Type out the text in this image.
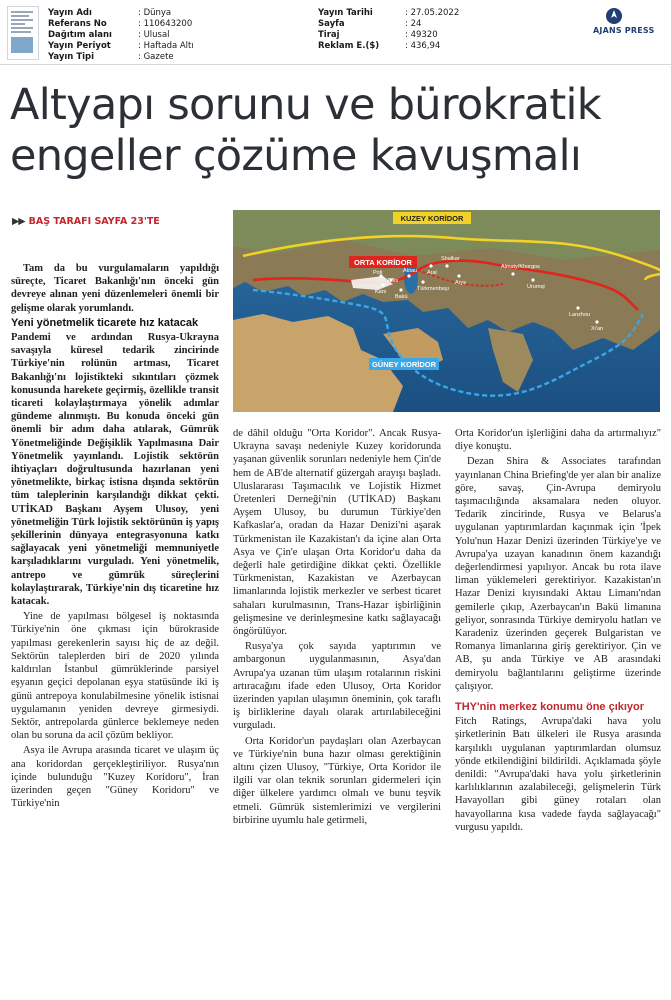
Yayın Adı	: Dünya
Referans No	: 110643200
Dağıtım alanı	: Ulusal
Yayın Periyot	: Haftada Altı
Yayın Tipi	: Gazete
Yayın Tarihi	: 27.05.2022
Sayfa	: 24
Tiraj	: 49320
Reklam E.($)	: 436,94
AJANS PRESS
Altyapı sorunu ve bürokratik engeller çözüme kavuşmalı
▶▶ BAŞ TARAFI SAYFA 23'TE	KUZEY KORİDOR
ORTA KORİDOR
GÜNEY KORİDOR
Shalkar
Almaty/Khorgos
Aktau
Poti
Kars
Bakü
Türkmenbaşı
Tiflis
Aral
Xi'an
Lanzhou
Urumqi
Arys

Tam da bu vurgulamaların yapıldığı süreçte, Ticaret Bakanlığı'nın önceki gün devreye alınan yeni düzenlemeleri önemli bir gelişme olarak yorumlandı.

Yeni yönetmelik ticarete hız katacak

Pandemi ve ardından Rusya-Ukrayna savaşıyla küresel tedarik zincirinde Türkiye'nin rolünün artması, Ticaret Bakanlığı'nı lojistikteki sıkıntıları çözmek konusunda harekete geçirmiş, özellikle transit ticareti kolaylaştırmaya yönelik adımlar gündeme alınmıştı. Bu konuda önceki gün önemli bir adım daha atılarak, Gümrük Yönetmeliğinde Değişiklik Yapılmasına Dair Yönetmelik yayınlandı. Lojistik sektörün ihtiyaçları doğrultusunda hazırlanan yeni yönetmelikte, birkaç istisna dışında sektörün tüm taleplerinin karşılandığı dikkat çekti. UTİKAD Başkanı Ayşem Ulusoy, yeni yönetmeliğin Türk lojistik sektörünün iş yapış şekillerinin dünyaya entegrasyonuna katkı sağlayacak yeni yönetmeliği memnuniyetle karşıladıklarını vurguladı. Yeni yönetmelik, antrepo ve gümrük süreçlerini kolaylaştırarak, Türkiye'nin dış ticaretine hız katacak.

Yine de yapılması bölgesel iş noktasında Türkiye'nin öne çıkması için bürokraside yapılması gerekenlerin sayısı hiç de az değil. Sektörün taleplerden biri de 2020 yılında kaldırılan İstanbul gümrüklerinde parsiyel eşyanın geçici depolanan eşya statüsünde iki iş günü antrepoya konulabilmesine yönelik istisnai uygulamanın yeniden devreye girmesiydi. Sektör, antrepolarda günlerce beklemeye neden olan bu soruna da acil çözüm bekliyor.

Asya ile Avrupa arasında ticaret ve ulaşım üç ana koridordan gerçekleştiriliyor. Rusya'nın içinde bulunduğu "Kuzey Koridoru", İran üzerinden geçen "Güney Koridoru" ve Türkiye'nin

de dâhil olduğu "Orta Koridor". Ancak Rusya-Ukrayna savaşı nedeniyle Kuzey koridorunda yaşanan güvenlik sorunları nedeniyle hem Çin'de hem de AB'de alternatif güzergah arayışı başladı. Uluslararası Taşımacılık ve Lojistik Hizmet Üretenleri Derneği'nin (UTİKAD) Başkanı Ayşem Ulusoy, bu durumun Türkiye'den Kafkaslar'a, oradan da Hazar Denizi'ni aşarak Türkmenistan ile Kazakistan'ı da içine alan Orta Asya ve Çin'e ulaşan Orta Koridor'u daha da değerli hale getirdiğine dikkat çekti. Özellikle Türkmenistan, Kazakistan ve Azerbaycan limanlarında lojistik merkezler ve serbest ticaret sahaları kurulmasının, Trans-Hazar işbirliğinin gelişmesine ve derinleşmesine katkı sağlayacağı öngörülüyor.

Rusya'ya çok sayıda yaptırımın ve ambargonun uygulanmasının, Asya'dan Avrupa'ya uzanan tüm ulaşım rotalarının riskini artıracağını ifade eden Ulusoy, Orta Koridor üzerinden yapılan ulaşımın öneminin, çok taraflı iş birliklerine dayalı olarak artırılabileceğini vurguladı.

Orta Koridor'un paydaşları olan Azerbaycan ve Türkiye'nin buna hazır olması gerektiğinin altını çizen Ulusoy, "Türkiye, Orta Koridor ile ilgili var olan teknik sorunları gidermeleri için diğer ülkelere yardımcı olmalı ve bunu teşvik etmeli. Gümrük sistemlerimizi ve vergilerini birbirine uyumlu hale getirmeli,

Orta Koridor'un işlerliğini daha da artırmalıyız" diye konuştu.

Dezan Shira & Associates tarafından yayınlanan China Briefing'de yer alan bir analize göre, savaş, Çin-Avrupa demiryolu taşımacılığında aksamalara neden oluyor. Tedarik zincirinde, Rusya ve Belarus'a uygulanan yaptırımlardan kaçınmak için 'İpek Yolu'nun Hazar Denizi üzerinden Türkiye'ye ve Avrupa'ya uzayan kanadının önem kazandığı değerlendirmesi yapılıyor. Ancak bu rota ilave liman yüklemeleri gerektiriyor. Kazakistan'ın Hazar Denizi kıyısındaki Aktau Limanı'ndan gemilerle çıkıp, Azerbaycan'ın Bakü limanına geliyor, sonrasında Türkiye demiryolu hatları ve Karadeniz üzerinden geçerek Bulgaristan ve Romanya limanlarına giriş gerektiriyor. Çin ve AB, şu anda Türkiye ve AB arasındaki demiryolu bağlantılarını geliştirme üzerinde çalışıyor.

THY'nin merkez konumu öne çıkıyor

Fitch Ratings, Avrupa'daki hava yolu şirketlerinin Batı ülkeleri ile Rusya arasında karşılıklı uygulanan yaptırımlardan olumsuz yönde etkilendiğini bildirildi. Açıklamada şöyle denildi: "Avrupa'daki hava yolu şirketlerinin karlılıklarının azalabileceği, gelişmelerin Türk Havayolları gibi güney rotaları olan havayollarına kısa vadede fayda sağlayacağı" vurgusu yapıldı.
